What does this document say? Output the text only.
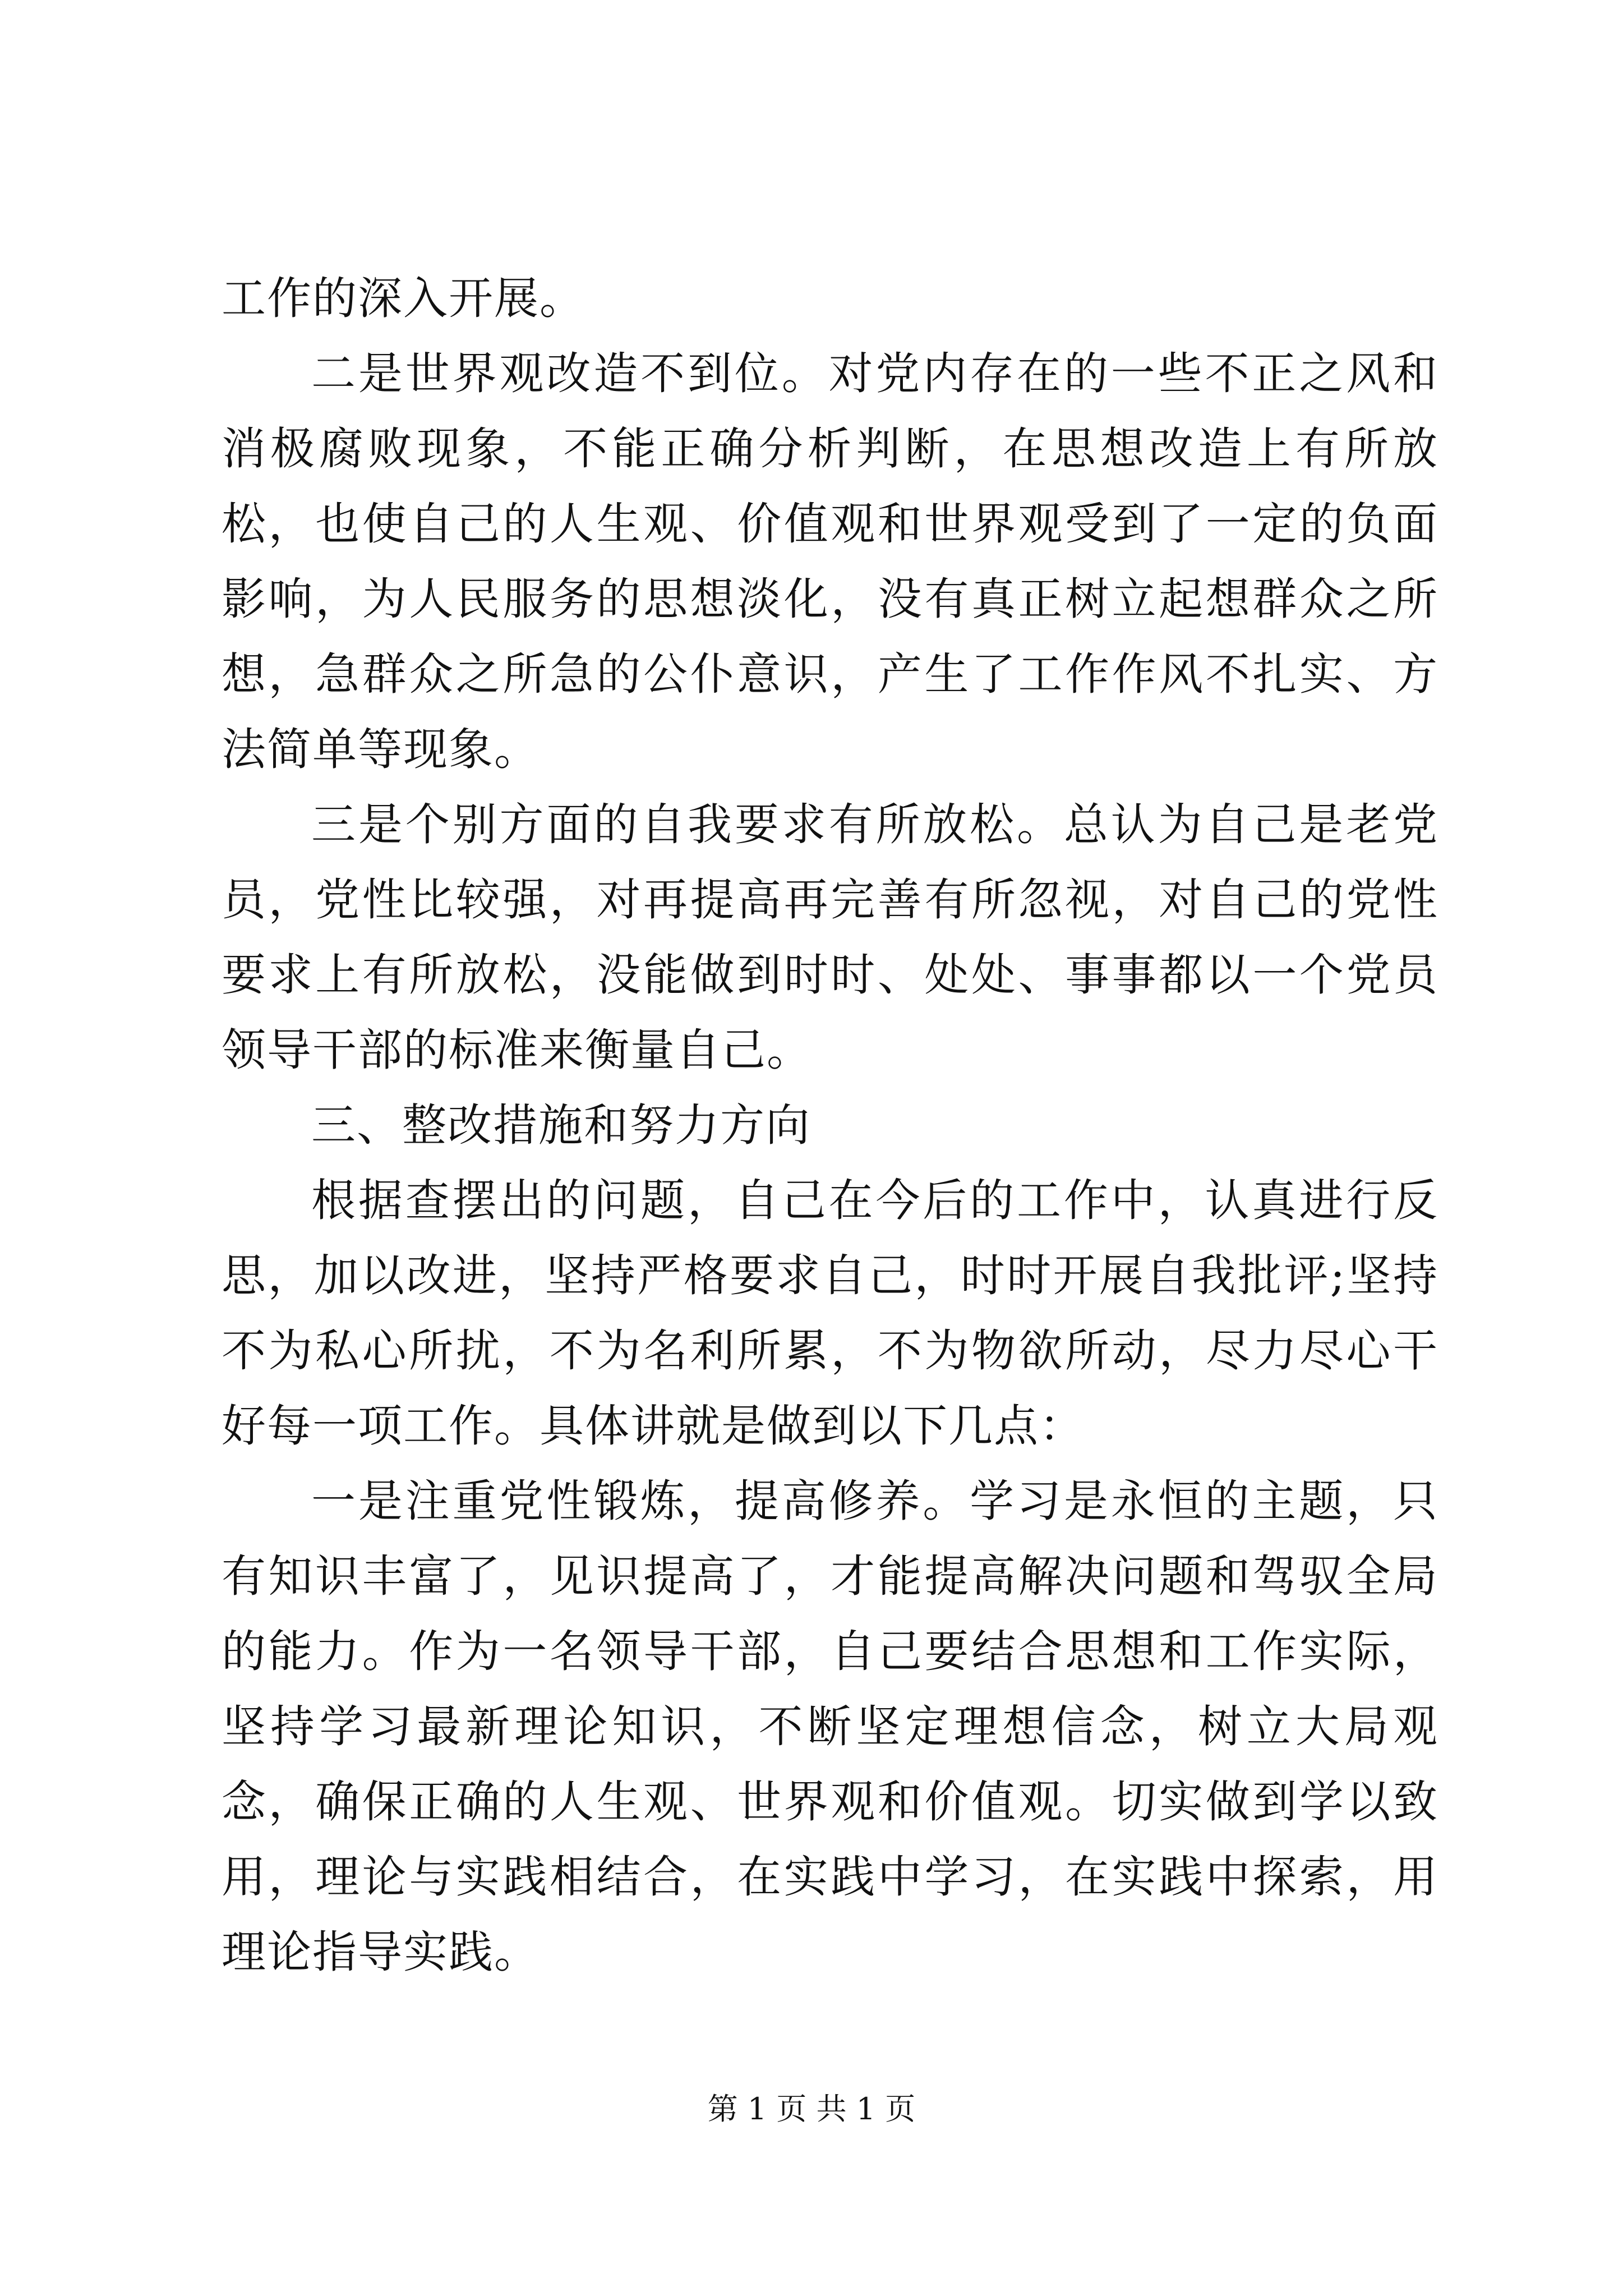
工作的深入开展。

二是世界观改造不到位。对党内存在的一些不正之风和消极腐败现象，不能正确分析判断，在思想改造上有所放松，也使自己的人生观、价值观和世界观受到了一定的负面影响，为人民服务的思想淡化，没有真正树立起想群众之所想，急群众之所急的公仆意识，产生了工作作风不扎实、方法简单等现象。

三是个别方面的自我要求有所放松。总认为自己是老党员，党性比较强，对再提高再完善有所忽视，对自己的党性要求上有所放松，没能做到时时、处处、事事都以一个党员领导干部的标准来衡量自己。

三、整改措施和努力方向

根据查摆出的问题，自己在今后的工作中，认真进行反思，加以改进，坚持严格要求自己，时时开展自我批评;坚持不为私心所扰，不为名利所累，不为物欲所动，尽力尽心干好每一项工作。具体讲就是做到以下几点：

一是注重党性锻炼，提高修养。学习是永恒的主题，只有知识丰富了，见识提高了，才能提高解决问题和驾驭全局的能力。作为一名领导干部，自己要结合思想和工作实际，坚持学习最新理论知识，不断坚定理想信念，树立大局观念，确保正确的人生观、世界观和价值观。切实做到学以致用，理论与实践相结合，在实践中学习，在实践中探索，用理论指导实践。

第 1 页 共 1 页
